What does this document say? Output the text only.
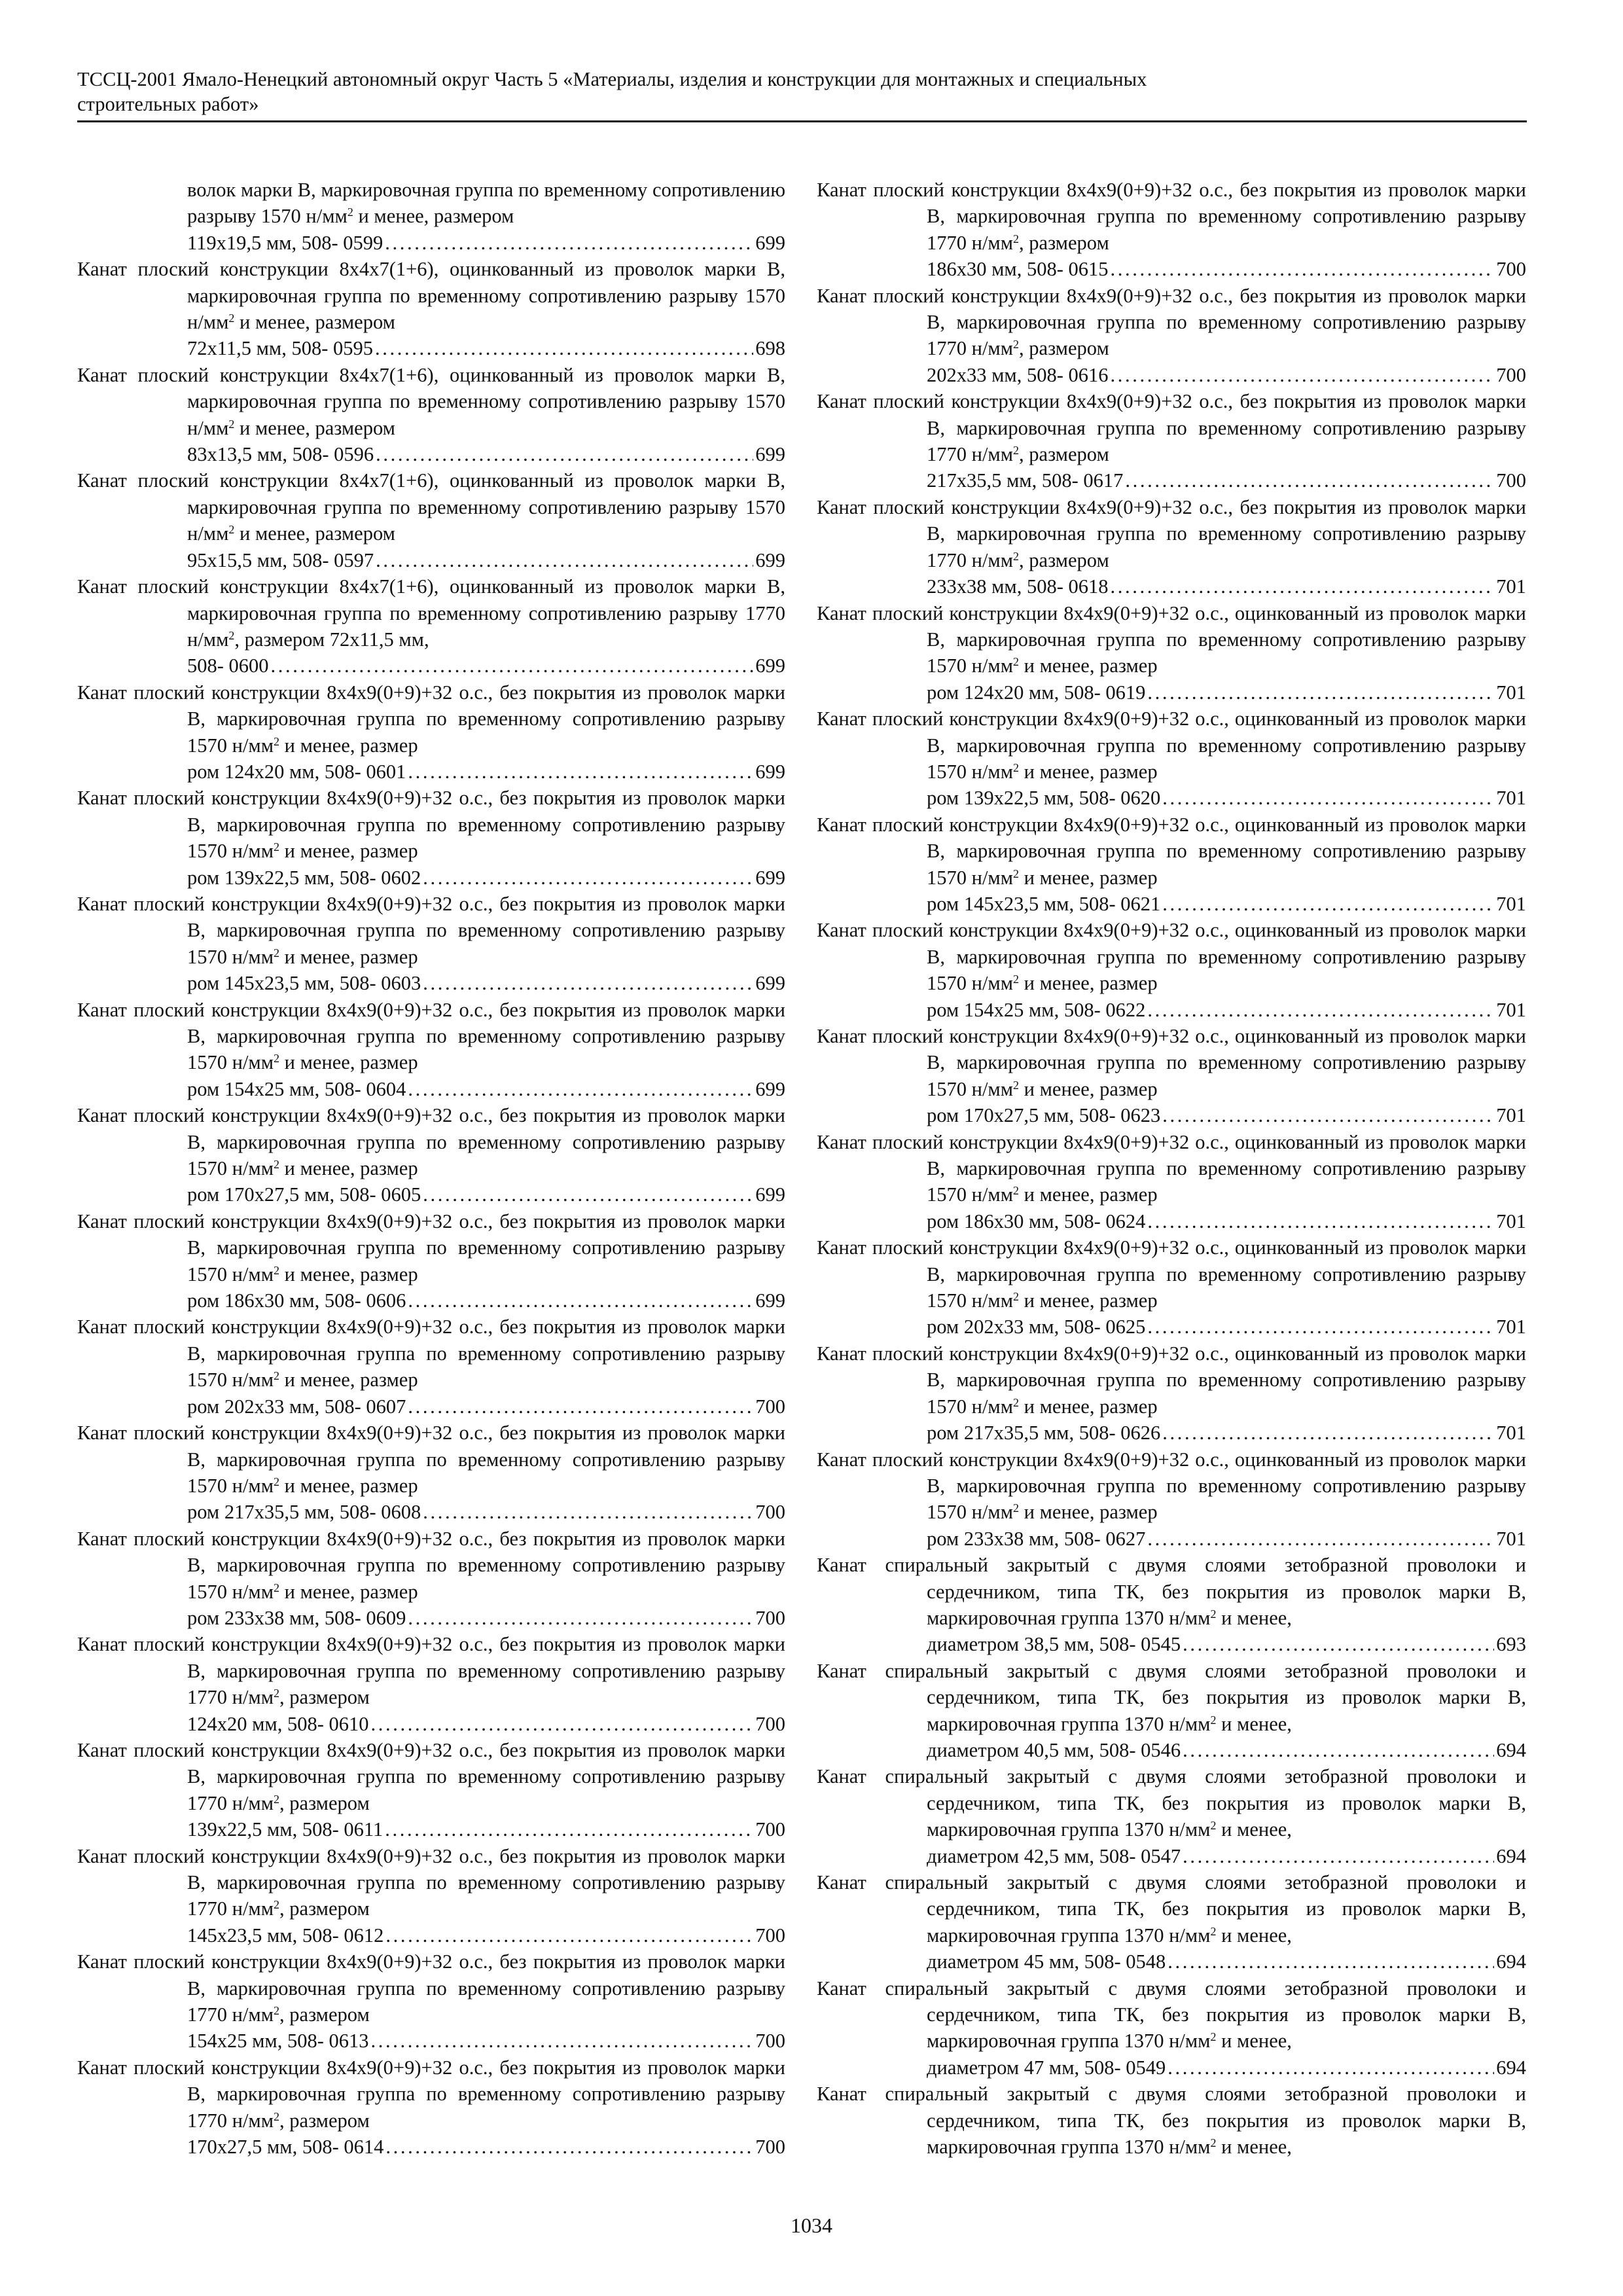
ТССЦ-2001 Ямало-Ненецкий автономный округ Часть 5 «Материалы, изделия и конструкции для монтажных и специальных
строительных работ»

волок марки В, маркировочная группа по временному сопротивлению разрыву 1570 $н/мм^2$ и менее, размером
119х19,5 мм, 508- 0599 . . .	699

Канат плоский конструкции 8х4х7(1+6), оцинкованный из проволок марки В, маркировочная группа по временному сопротивлению разрыву 1570 $н/мм^2$ и менее, размером
72х11,5 мм, 508- 0595 . . .	698

Канат плоский конструкции 8х4х7(1+6), оцинкованный из проволок марки В, маркировочная группа по временному сопротивлению разрыву 1570 $н/мм^2$ и менее, размером
83х13,5 мм, 508- 0596 . . .	699

Канат плоский конструкции 8х4х7(1+6), оцинкованный из проволок марки В, маркировочная группа по временному сопротивлению разрыву 1570 $н/мм^2$ и менее, размером
95х15,5 мм, 508- 0597 . . .	699

Канат плоский конструкции 8х4х7(1+6), оцинкованный из проволок марки В, маркировочная группа по временному сопротивлению разрыву 1770 $н/мм^2$, размером 72х11,5 мм,
508- 0600 . . .	699

Канат плоский конструкции 8х4х9(0+9)+32 о.с., без покрытия из проволок марки В, маркировочная группа по временному сопротивлению разрыву 1570 $н/мм^2$ и менее, размер
ром 124х20 мм, 508- 0601 . . .	699

Канат плоский конструкции 8х4х9(0+9)+32 о.с., без покрытия из проволок марки В, маркировочная группа по временному сопротивлению разрыву 1570 $н/мм^2$ и менее, размер
ром 139х22,5 мм, 508- 0602 . . .	699

Канат плоский конструкции 8х4х9(0+9)+32 о.с., без покрытия из проволок марки В, маркировочная группа по временному сопротивлению разрыву 1570 $н/мм^2$ и менее, размер
ром 145х23,5 мм, 508- 0603 . . .	699

Канат плоский конструкции 8х4х9(0+9)+32 о.с., без покрытия из проволок марки В, маркировочная группа по временному сопротивлению разрыву 1570 $н/мм^2$ и менее, размер
ром 154х25 мм, 508- 0604 . . .	699

Канат плоский конструкции 8х4х9(0+9)+32 о.с., без покрытия из проволок марки В, маркировочная группа по временному сопротивлению разрыву 1570 $н/мм^2$ и менее, размер
ром 170х27,5 мм, 508- 0605 . . .	699

Канат плоский конструкции 8х4х9(0+9)+32 о.с., без покрытия из проволок марки В, маркировочная группа по временному сопротивлению разрыву 1570 $н/мм^2$ и менее, размер
ром 186х30 мм, 508- 0606 . . .	699

Канат плоский конструкции 8х4х9(0+9)+32 о.с., без покрытия из проволок марки В, маркировочная группа по временному сопротивлению разрыву 1570 $н/мм^2$ и менее, размер
ром 202х33 мм, 508- 0607 . . .	700

Канат плоский конструкции 8х4х9(0+9)+32 о.с., без покрытия из проволок марки В, маркировочная группа по временному сопротивлению разрыву 1570 $н/мм^2$ и менее, размер
ром 217х35,5 мм, 508- 0608 . . .	700

Канат плоский конструкции 8х4х9(0+9)+32 о.с., без покрытия из проволок марки В, маркировочная группа по временному сопротивлению разрыву 1570 $н/мм^2$ и менее, размер
ром 233х38 мм, 508- 0609 . . .	700

Канат плоский конструкции 8х4х9(0+9)+32 о.с., без покрытия из проволок марки В, маркировочная группа по временному сопротивлению разрыву 1770 $н/мм^2$, размером
124х20 мм, 508- 0610 . . .	700

Канат плоский конструкции 8х4х9(0+9)+32 о.с., без покрытия из проволок марки В, маркировочная группа по временному сопротивлению разрыву 1770 $н/мм^2$, размером
139х22,5 мм, 508- 0611 . . .	700

Канат плоский конструкции 8х4х9(0+9)+32 о.с., без покрытия из проволок марки В, маркировочная группа по временному сопротивлению разрыву 1770 $н/мм^2$, размером
145х23,5 мм, 508- 0612 . . .	700

Канат плоский конструкции 8х4х9(0+9)+32 о.с., без покрытия из проволок марки В, маркировочная группа по временному сопротивлению разрыву 1770 $н/мм^2$, размером
154х25 мм, 508- 0613 . . .	700

Канат плоский конструкции 8х4х9(0+9)+32 о.с., без покрытия из проволок марки В, маркировочная группа по временному сопротивлению разрыву 1770 $н/мм^2$, размером
170х27,5 мм, 508- 0614 . . .	700

Канат плоский конструкции 8х4х9(0+9)+32 о.с., без покрытия из проволок марки В, маркировочная группа по временному сопротивлению разрыву 1770 $н/мм^2$, размером
186х30 мм, 508- 0615 . . .	700

Канат плоский конструкции 8х4х9(0+9)+32 о.с., без покрытия из проволок марки В, маркировочная группа по временному сопротивлению разрыву 1770 $н/мм^2$, размером
202х33 мм, 508- 0616 . . .	700

Канат плоский конструкции 8х4х9(0+9)+32 о.с., без покрытия из проволок марки В, маркировочная группа по временному сопротивлению разрыву 1770 $н/мм^2$, размером
217х35,5 мм, 508- 0617 . . .	700

Канат плоский конструкции 8х4х9(0+9)+32 о.с., без покрытия из проволок марки В, маркировочная группа по временному сопротивлению разрыву 1770 $н/мм^2$, размером
233х38 мм, 508- 0618 . . .	701

Канат плоский конструкции 8х4х9(0+9)+32 о.с., оцинкованный из проволок марки В, маркировочная группа по временному сопротивлению разрыву 1570 $н/мм^2$ и менее, размер
ром 124х20 мм, 508- 0619 . . .	701

Канат плоский конструкции 8х4х9(0+9)+32 о.с., оцинкованный из проволок марки В, маркировочная группа по временному сопротивлению разрыву 1570 $н/мм^2$ и менее, размер
ром 139х22,5 мм, 508- 0620 . . .	701

Канат плоский конструкции 8х4х9(0+9)+32 о.с., оцинкованный из проволок марки В, маркировочная группа по временному сопротивлению разрыву 1570 $н/мм^2$ и менее, размер
ром 145х23,5 мм, 508- 0621 . . .	701

Канат плоский конструкции 8х4х9(0+9)+32 о.с., оцинкованный из проволок марки В, маркировочная группа по временному сопротивлению разрыву 1570 $н/мм^2$ и менее, размер
ром 154х25 мм, 508- 0622 . . .	701

Канат плоский конструкции 8х4х9(0+9)+32 о.с., оцинкованный из проволок марки В, маркировочная группа по временному сопротивлению разрыву 1570 $н/мм^2$ и менее, размер
ром 170х27,5 мм, 508- 0623 . . .	701

Канат плоский конструкции 8х4х9(0+9)+32 о.с., оцинкованный из проволок марки В, маркировочная группа по временному сопротивлению разрыву 1570 $н/мм^2$ и менее, размер
ром 186х30 мм, 508- 0624 . . .	701

Канат плоский конструкции 8х4х9(0+9)+32 о.с., оцинкованный из проволок марки В, маркировочная группа по временному сопротивлению разрыву 1570 $н/мм^2$ и менее, размер
ром 202х33 мм, 508- 0625 . . .	701

Канат плоский конструкции 8х4х9(0+9)+32 о.с., оцинкованный из проволок марки В, маркировочная группа по временному сопротивлению разрыву 1570 $н/мм^2$ и менее, размер
ром 217х35,5 мм, 508- 0626 . . .	701

Канат плоский конструкции 8х4х9(0+9)+32 о.с., оцинкованный из проволок марки В, маркировочная группа по временному сопротивлению разрыву 1570 $н/мм^2$ и менее, размер
ром 233х38 мм, 508- 0627 . . .	701

Канат спиральный закрытый с двумя слоями зетобразной проволоки и сердечником, типа ТК, без покрытия из проволок марки В, маркировочная группа 1370 $н/мм^2$ и менее,
диаметром 38,5 мм, 508- 0545 . . .	693

Канат спиральный закрытый с двумя слоями зетобразной проволоки и сердечником, типа ТК, без покрытия из проволок марки В, маркировочная группа 1370 $н/мм^2$ и менее,
диаметром 40,5 мм, 508- 0546 . . .	694

Канат спиральный закрытый с двумя слоями зетобразной проволоки и сердечником, типа ТК, без покрытия из проволок марки В, маркировочная группа 1370 $н/мм^2$ и менее,
диаметром 42,5 мм, 508- 0547 . . .	694

Канат спиральный закрытый с двумя слоями зетобразной проволоки и сердечником, типа ТК, без покрытия из проволок марки В, маркировочная группа 1370 $н/мм^2$ и менее,
диаметром 45 мм, 508- 0548 . . .	694

Канат спиральный закрытый с двумя слоями зетобразной проволоки и сердечником, типа ТК, без покрытия из проволок марки В, маркировочная группа 1370 $н/мм^2$ и менее,
диаметром 47 мм, 508- 0549 . . .	694

Канат спиральный закрытый с двумя слоями зетобразной проволоки и сердечником, типа ТК, без покрытия из проволок марки В, маркировочная группа 1370 $н/мм^2$ и менее,

1034
